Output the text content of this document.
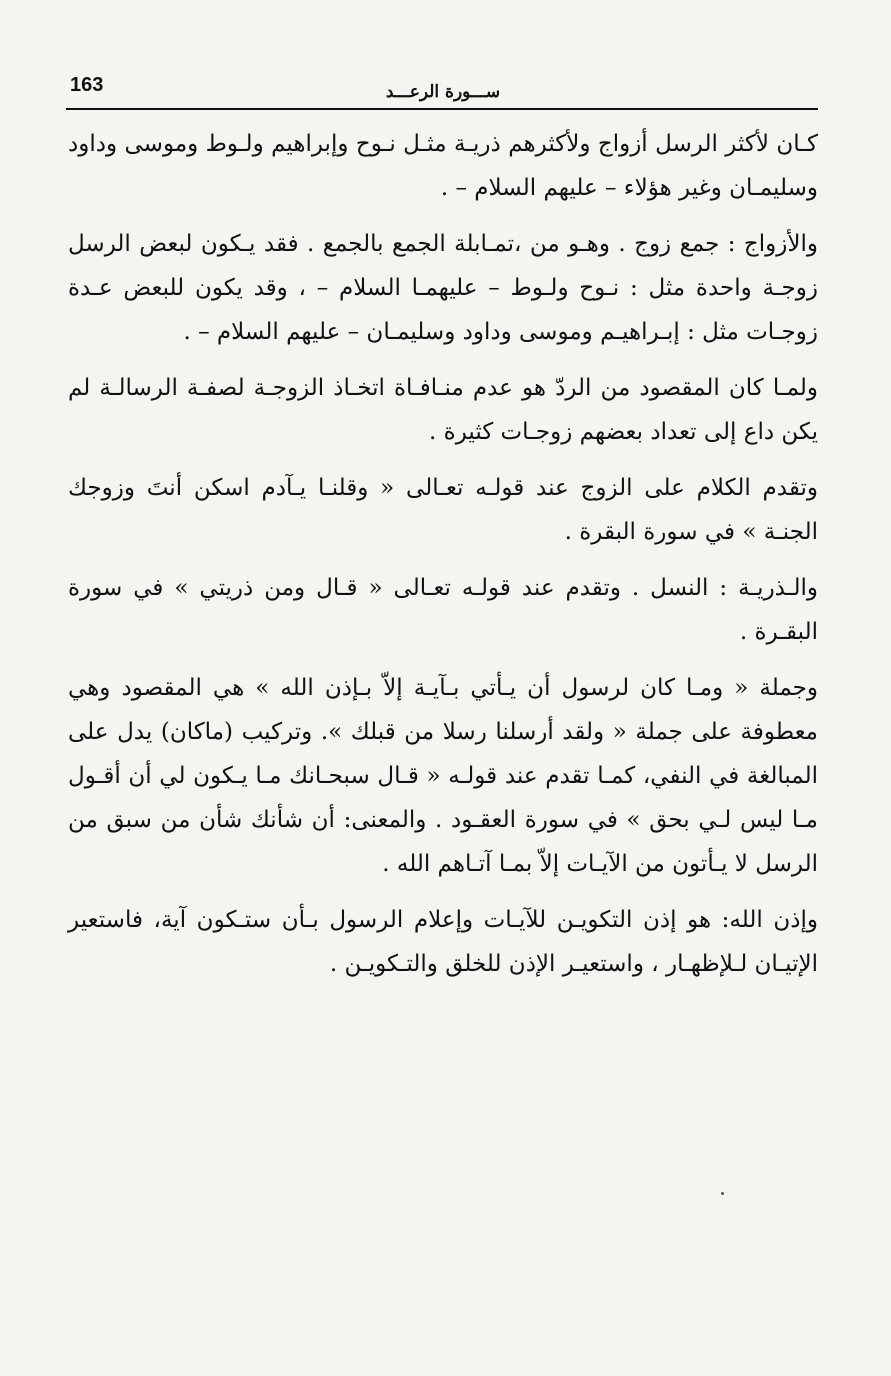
163	ســـورة الرعـــد

كـان لأكثر الرسل أزواج ولأكثرهم ذريـة مثـل نـوح وإبراهيم ولـوط وموسى وداود وسليمـان وغير هؤلاء – عليهم السلام – .

والأزواج : جمع زوج . وهـو من ،تمـابلة الجمع بالجمع . فقد يـكون لبعض الرسل زوجـة واحدة مثل : نـوح ولـوط – عليهمـا السلام – ، وقد يكون للبعض عـدة زوجـات مثل : إبـراهيـم وموسى وداود وسليمـان – عليهم السلام – .

ولمـا كان المقصود من الردّ هو عدم منـافـاة اتخـاذ الزوجـة لصفـة الرسالـة لم يكن داع إلى تعداد بعضهم زوجـات كثيرة .

وتقدم الكلام على الزوج عند قولـه تعـالى « وقلنـا يـآدم اسكن أنتَ وزوجك الجنـة » في سورة البقرة .

والـذريـة : النسل . وتقدم عند قولـه تعـالى « قـال ومن ذريتي » في سورة البقـرة .

وجملة « ومـا كان لرسول أن يـأتي بـآيـة إلاّ بـإذن الله » هي المقصود وهي معطوفة على جملة « ولقد أرسلنا رسلا من قبلك ». وتركيب (ماكان) يدل على المبالغة في النفي، كمـا تقدم عند قولـه « قـال سبحـانك مـا يـكون لي أن أقـول مـا ليس لـي بحق » في سورة العقـود . والمعنى: أن شأنك شأن من سبق من الرسل لا يـأتون من الآيـات إلاّ بمـا آتـاهم الله .

وإذن الله: هو إذن التكويـن للآيـات وإعلام الرسول بـأن ستـكون آية، فاستعير الإتيـان لـلإظهـار ، واستعيـر الإذن للخلق والتـكويـن .
